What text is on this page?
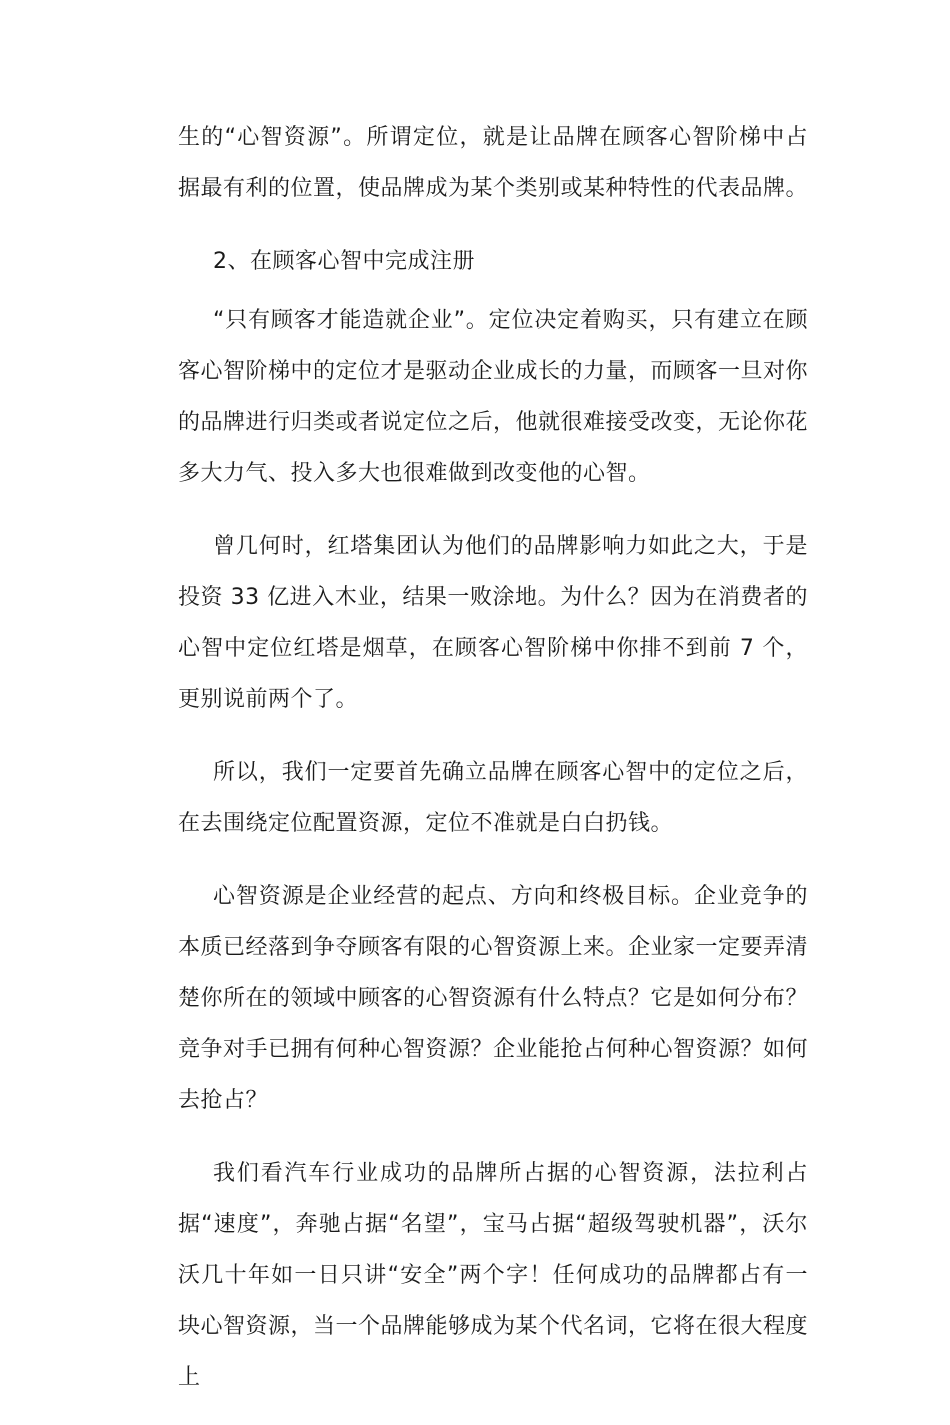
生的“心智资源”。所谓定位，就是让品牌在顾客心智阶梯中占据最有利的位置，使品牌成为某个类别或某种特性的代表品牌。

2、在顾客心智中完成注册

“只有顾客才能造就企业”。定位决定着购买，只有建立在顾客心智阶梯中的定位才是驱动企业成长的力量，而顾客一旦对你的品牌进行归类或者说定位之后，他就很难接受改变，无论你花多大力气、投入多大也很难做到改变他的心智。

曾几何时，红塔集团认为他们的品牌影响力如此之大，于是投资 33 亿进入木业，结果一败涂地。为什么？因为在消费者的心智中定位红塔是烟草，在顾客心智阶梯中你排不到前 7 个，更别说前两个了。

所以，我们一定要首先确立品牌在顾客心智中的定位之后，在去围绕定位配置资源，定位不准就是白白扔钱。

心智资源是企业经营的起点、方向和终极目标。企业竞争的本质已经落到争夺顾客有限的心智资源上来。企业家一定要弄清楚你所在的领域中顾客的心智资源有什么特点？它是如何分布？竞争对手已拥有何种心智资源？企业能抢占何种心智资源？如何去抢占？

我们看汽车行业成功的品牌所占据的心智资源，法拉利占据“速度”，奔驰占据“名望”，宝马占据“超级驾驶机器”，沃尔沃几十年如一日只讲“安全”两个字！任何成功的品牌都占有一块心智资源，当一个品牌能够成为某个代名词，它将在很大程度上
